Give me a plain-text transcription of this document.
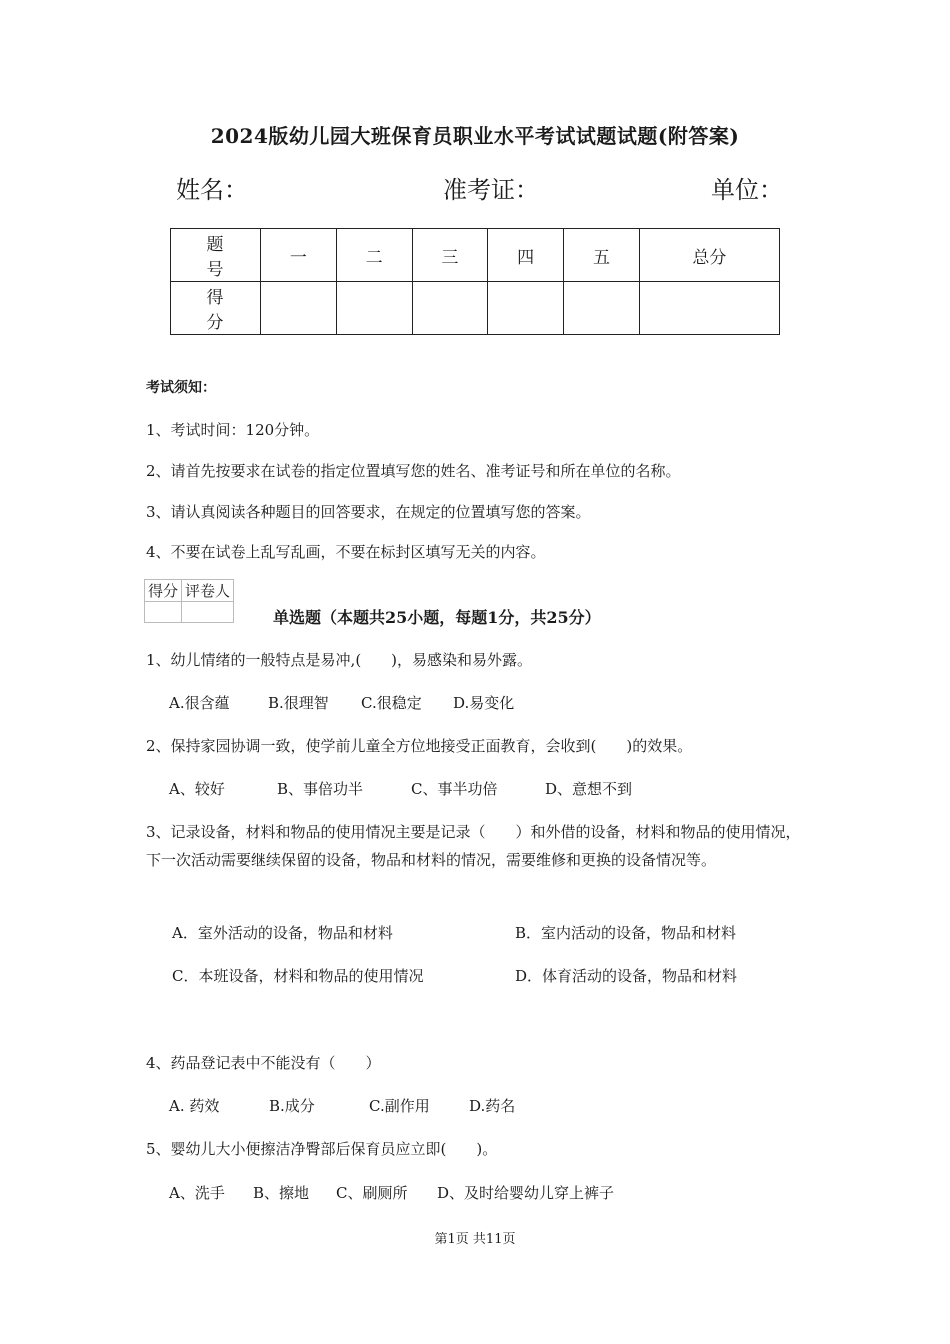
2024版幼儿园大班保育员职业水平考试试题试题(附答案)
姓名：	准考证：	单位：
题　号	一	二	三	四	五	总分
得　分						
考试须知：
1、考试时间：120分钟。
2、请首先按要求在试卷的指定位置填写您的姓名、准考证号和所在单位的名称。
3、请认真阅读各种题目的回答要求，在规定的位置填写您的答案。
4、不要在试卷上乱写乱画，不要在标封区填写无关的内容。
得分	评卷人

单选题（本题共25小题，每题1分，共25分）
1、幼儿情绪的一般特点是易冲,(　　)，易感染和易外露。
A.很含蕴	B.很理智 C.很稳定 D.易变化
2、保持家园协调一致，使学前儿童全方位地接受正面教育，会收到(　　)的效果。
A、较好	B、事倍功半	C、事半功倍	D、意想不到
3、记录设备，材料和物品的使用情况主要是记录（　　）和外借的设备，材料和物品的使用情况，下一次活动需要继续保留的设备，物品和材料的情况，需要维修和更换的设备情况等。
A．室外活动的设备，物品和材料	B．室内活动的设备，物品和材料
C．本班设备，材料和物品的使用情况	D．体育活动的设备，物品和材料
4、药品登记表中不能没有（　　）
A. 药效	B.成分	C.副作用	D.药名
5、婴幼儿大小便擦洁净臀部后保育员应立即(　　)。
A、洗手 B、擦地 C、刷厕所 D、及时给婴幼儿穿上裤子
第1页 共11页
